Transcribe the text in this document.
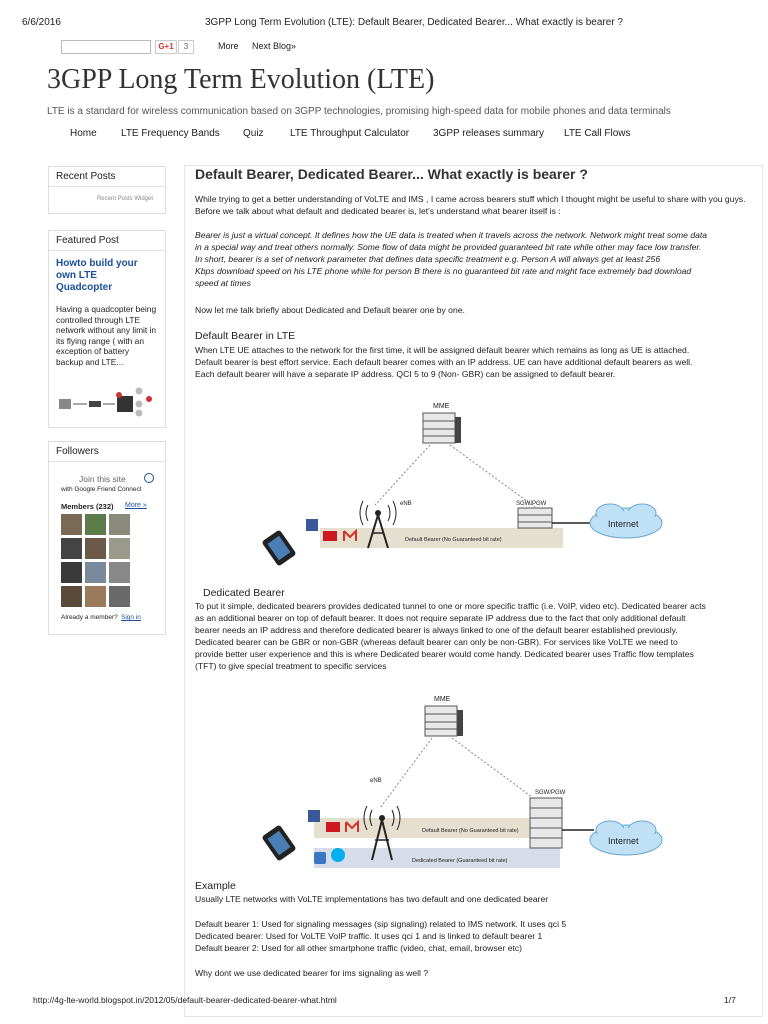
6/6/2016	3GPP Long Term Evolution (LTE): Default Bearer, Dedicated Bearer... What exactly is bearer ?
G+1	3	More Next Blog»
3GPP Long Term Evolution (LTE)
LTE is a standard for wireless communication based on 3GPP technologies, promising high-speed data for mobile phones and data terminals
Home LTE Frequency Bands Quiz	LTE Throughput Calculator 3GPP releases summary LTE Call Flows
Recent Posts
Recent Posts Widget
Featured Post
Howto build your own LTE Quadcopter
Having a quadcopter being controlled through LTE network without any limit in its flying range ( with an exception of battery backup and LTE...
Followers
Join this site
with Google Friend Connect
Members (232) More »
Already a member? Sign in
Default Bearer, Dedicated Bearer... What exactly is bearer ?

While trying to get a better understanding of VoLTE and IMS , I came across bearers stuff which I thought might be useful to share with you guys. Before we talk about what default and dedicated bearer is, let's understand what bearer itself is :

Bearer is just a virtual concept. It defines how the UE data is treated when it travels across the network. Network might treat some data
in a special way and treat others normally. Some flow of data might be provided guaranteed bit rate while other may face low transfer.
In short, bearer is a set of network parameter that defines data specific treatment e.g. Person A will always get at least 256
Kbps download speed on his LTE phone while for person B there is no guaranteed bit rate and might face extremely bad download
speed at times

Now let me talk briefly about Dedicated and Default bearer one by one.

Default Bearer in LTE
When LTE UE attaches to the network for the first time, it will be assigned default bearer which remains as long as UE is attached.
Default bearer is best effort service. Each default bearer comes with an IP address. UE can have additional default bearers as well.
Each default bearer will have a separate IP address. QCI 5 to 9 (Non- GBR) can be assigned to default bearer.
MME
Default Bearer (No Guaranteed bit rate)
eNB	SGW/PGW
Internet
Dedicated Bearer
To put it simple, dedicated bearers provides dedicated tunnel to one or more specific traffic (i.e. VoIP, video etc). Dedicated bearer acts
as an additional bearer on top of default bearer. It does not require separate IP address due to the fact that only additional default
bearer needs an IP address and therefore dedicated bearer is always linked to one of the default bearer established previously.
Dedicated bearer can be GBR or non-GBR (whereas default bearer can only be non-GBR). For services like VoLTE we need to
provide better user experience and this is where Dedicated bearer would come handy. Dedicated bearer uses Traffic flow templates
(TFT) to give special treatment to specific services
MME
Default Bearer (No Guaranteed bit rate)
Dedicated Bearer (Guaranteed bit rate)
eNB
SGW/PGW
Internet
Example

Usually LTE networks with VoLTE implementations has two default and one dedicated bearer

Default bearer 1: Used for signaling messages (sip signaling) related to IMS network. It uses qci 5
Dedicated bearer: Used for VoLTE VoIP traffic. It uses qci 1 and is linked to default bearer 1
Default bearer 2: Used for all other smartphone traffic (video, chat, email, browser etc)

Why dont we use dedicated bearer for ims signaling as well ?

http://4g-lte-world.blogspot.in/2012/05/default-bearer-dedicated-bearer-what.html	1/7
